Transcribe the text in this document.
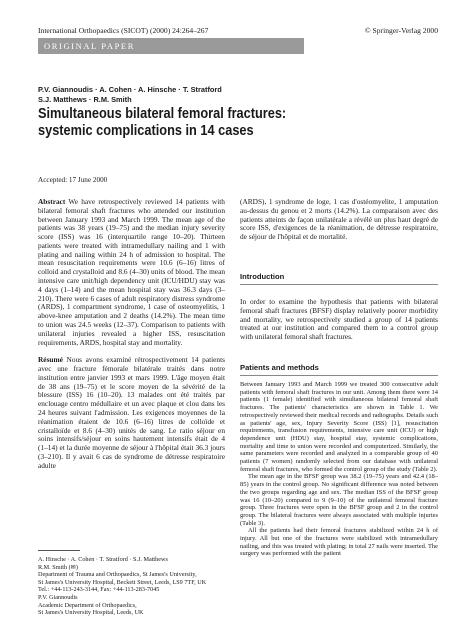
International Orthopaedics (SICOT) (2000) 24:264–267	© Springer-Verlag 2000
ORIGINAL PAPER
P.V. Giannoudis · A. Cohen · A. Hinsche · T. Stratford
S.J. Matthews · R.M. Smith
Simultaneous bilateral femoral fractures:
systemic complications in 14 cases
Accepted: 17 June 2000

Abstract We have retrospectively reviewed 14 patients with bilateral femoral shaft fractures who attended our institution between January 1993 and March 1999. The mean age of the patients was 38 years (19–75) and the median injury severity score (ISS) was 16 (interquartile range 10–20). Thirteen patients were treated with intramedullary nailing and 1 with plating and nailing within 24 h of admission to hospital. The mean resuscitation requirements were 10.6 (6–16) litres of colloid and crystalloid and 8.6 (4–30) units of blood. The mean intensive care unit/high dependency unit (ICU/HDU) stay was 4 days (1–14) and the mean hospital stay was 36.3 days (3–210). There were 6 cases of adult respiratory distress syndrome (ARDS), 1 compartment syndrome, 1 case of osteomyelitis, 1 above-knee amputation and 2 deaths (14.2%). The mean time to union was 24.5 weeks (12–37). Comparison to patients with unilateral injuries revealed a higher ISS, resuscitation requirements, ARDS, hospital stay and mortality.

Résumé Nous avons examiné rétrospectivement 14 patients avec une fracture fémorale bilatérale traités dans notre institution entre janvier 1993 et mars 1999. L'âge moyen était de 38 ans (19–75) et le score moyen de la sévérité de la blessure (ISS) 16 (10–20). 13 malades ont été traités par enclouage centro médullaire et un avec plaque et clou dans les 24 heures suivant l'admission. Les exigences moyennes de la réanimation étaient de 10.6 (6–16) litres de colloïde et cristalloïde et 8.6 (4–30) unités de sang. Le ratio séjour en soins intensifs/séjour en soins hautement intensifs était de 4 (1–14) et la durée moyenne de séjour à l'hôpital était 36.3 jours (3–210). Il y avait 6 cas de syndrome de détresse respiratoire adulte

A. Hinsche · A. Cohen · T. Stratford · S.J. Matthews
R.M. Smith (✉)
Department of Trauma and Orthopaedics, St James's University,
St James's University Hospital, Beckett Street, Leeds, LS9 7TF, UK
Tel.: +44-113-243-3144, Fax: +44-113-283-7045
P.V. Giannoudis
Academic Department of Orthopaedics,
St James's University Hospital, Leeds, UK
(ARDS), 1 syndrome de loge, 1 cas d'ostéomyelite, 1 amputation au-dessus du genou et 2 morts (14.2%). La comparaison avec des patients atteints de façon unilatérale a révélé un plus haut degré de score ISS, d'exigences de la réanimation, de détresse respiratoire, de séjour de l'hôpital et de mortalité.
Introduction
In order to examine the hypothesis that patients with bilateral femoral shaft fractures (BFSF) display relatively poorer morbidity and mortality, we retrospectively studied a group of 14 patients treated at our institution and compared them to a control group with unilateral femoral shaft fractures.
Patients and methods

Between January 1993 and March 1999 we treated 300 consecutive adult patients with femoral shaft fractures in our unit. Among them there were 14 patients (1 female) identified with simultaneous bilateral femoral shaft fractures. The patients' characteristics are shown in Table 1. We retrospectively reviewed their medical records and radiographs. Details such as patients' age, sex, Injury Severity Score (ISS) [1], resuscitation requirements, transfusion requirements, intensive care unit (ICU) or high dependence unit (HDU) stay, hospital stay, systemic complications, mortality and time to union were recorded and computerized. Similarly, the same parameters were recorded and analyzed in a comparable group of 40 patients (7 women) randomly selected from our database with unilateral femoral shaft fractures, who formed the control group of the study (Table 2).

The mean age in the BFSF group was 38.2 (19–75) years and 42.4 (18–85) years in the control group. No significant difference was noted between the two groups regarding age and sex. The median ISS of the BFSF group was 16 (10–20) compared to 9 (9–10) of the unilateral femoral fracture group. Three fractures were open in the BFSF group and 2 in the control group. The bilateral fractures were always associated with multiple injuries (Table 3).

All the patients had their femoral fractures stabilized within 24 h of injury. All but one of the fractures were stabilized with intramedullary nailing, and this was treated with plating; in total 27 nails were inserted. The surgery was performed with the patient
